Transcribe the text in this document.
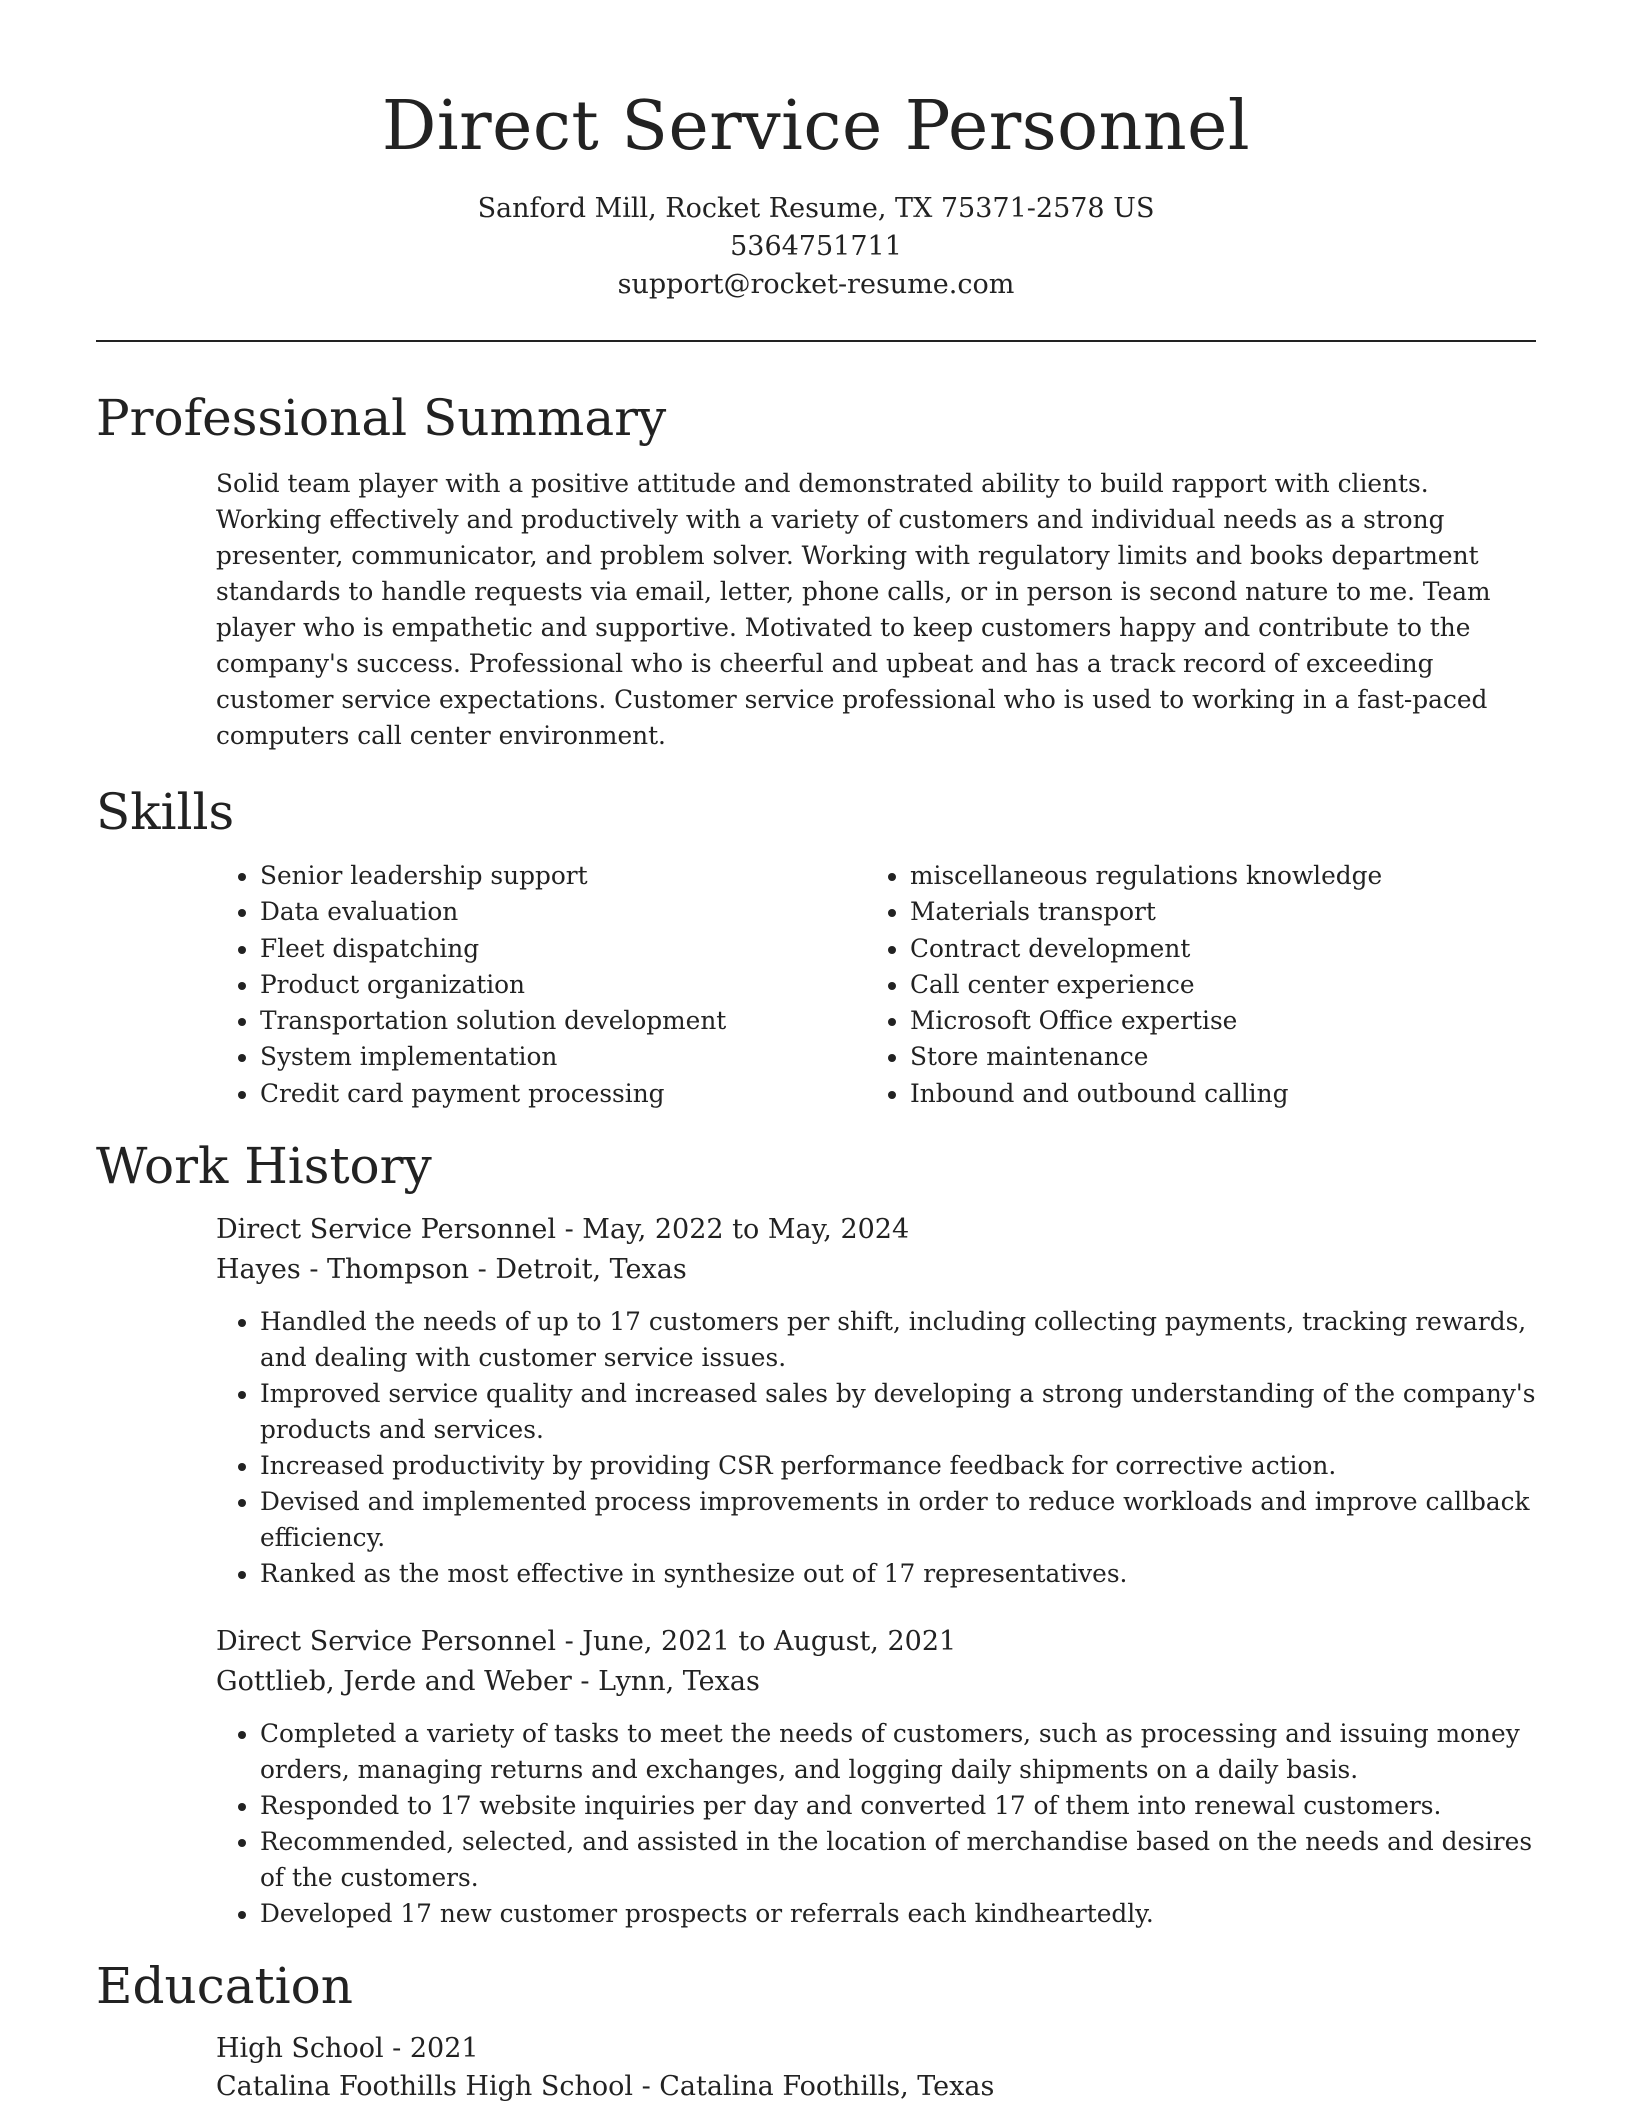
Direct Service Personnel
Sanford Mill, Rocket Resume, TX 75371-2578 US
5364751711
support@rocket-resume.com
Professional Summary

Solid team player with a positive attitude and demonstrated ability to build rapport with clients. Working effectively and productively with a variety of customers and individual needs as a strong presenter, communicator, and problem solver. Working with regulatory limits and books department standards to handle requests via email, letter, phone calls, or in person is second nature to me. Team player who is empathetic and supportive. Motivated to keep customers happy and contribute to the company's success. Professional who is cheerful and upbeat and has a track record of exceeding customer service expectations. Customer service professional who is used to working in a fast-paced computers call center environment.

Skills
• Senior leadership support
• Data evaluation
• Fleet dispatching
• Product organization
• Transportation solution development
• System implementation
• Credit card payment processing
• miscellaneous regulations knowledge
• Materials transport
• Contract development
• Call center experience
• Microsoft Office expertise
• Store maintenance
• Inbound and outbound calling
Work History

Direct Service Personnel - May, 2022 to May, 2024

Hayes - Thompson - Detroit, Texas

• Handled the needs of up to 17 customers per shift, including collecting payments, tracking rewards, and dealing with customer service issues.
• Improved service quality and increased sales by developing a strong understanding of the company's products and services.
• Increased productivity by providing CSR performance feedback for corrective action.
• Devised and implemented process improvements in order to reduce workloads and improve callback efficiency.
• Ranked as the most effective in synthesize out of 17 representatives.

Direct Service Personnel - June, 2021 to August, 2021

Gottlieb, Jerde and Weber - Lynn, Texas

• Completed a variety of tasks to meet the needs of customers, such as processing and issuing money orders, managing returns and exchanges, and logging daily shipments on a daily basis.
• Responded to 17 website inquiries per day and converted 17 of them into renewal customers.
• Recommended, selected, and assisted in the location of merchandise based on the needs and desires of the customers.
• Developed 17 new customer prospects or referrals each kindheartedly.
Education

High School - 2021

Catalina Foothills High School - Catalina Foothills, Texas
